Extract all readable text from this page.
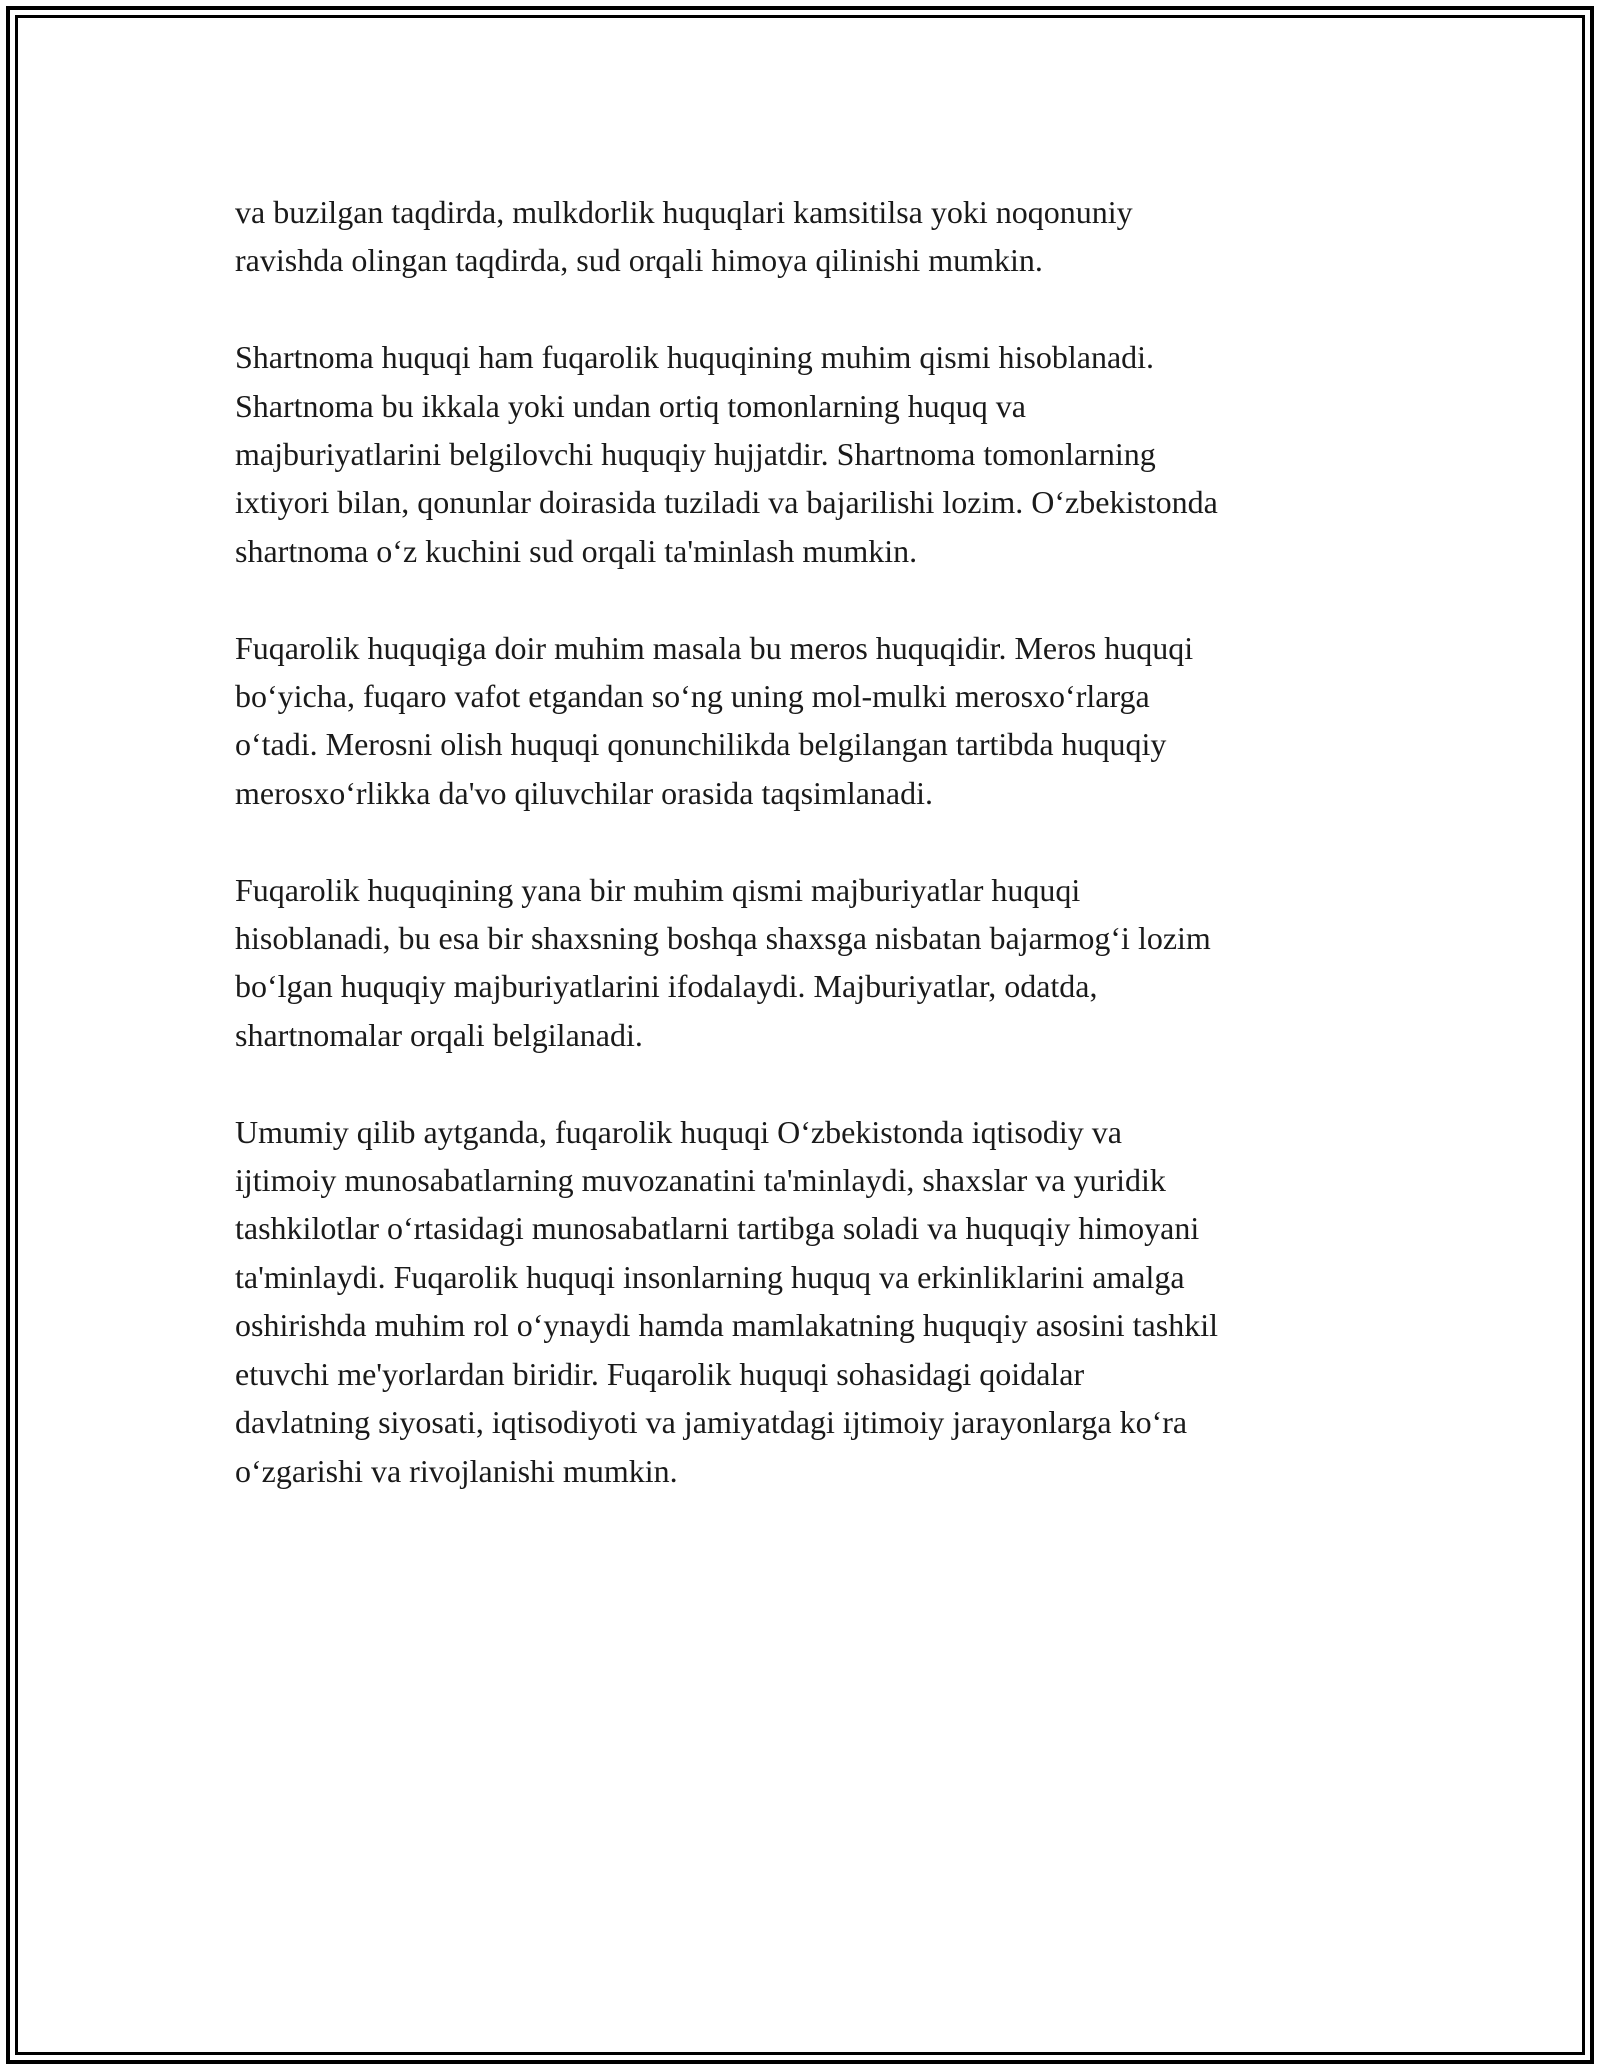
va buzilgan taqdirda, mulkdorlik huquqlari kamsitilsa yoki noqonuniy
ravishda olingan taqdirda, sud orqali himoya qilinishi mumkin.

Shartnoma huquqi ham fuqarolik huquqining muhim qismi hisoblanadi.
Shartnoma bu ikkala yoki undan ortiq tomonlarning huquq va
majburiyatlarini belgilovchi huquqiy hujjatdir. Shartnoma tomonlarning
ixtiyori bilan, qonunlar doirasida tuziladi va bajarilishi lozim. O‘zbekistonda
shartnoma o‘z kuchini sud orqali ta'minlash mumkin.

Fuqarolik huquqiga doir muhim masala bu meros huquqidir. Meros huquqi
bo‘yicha, fuqaro vafot etgandan so‘ng uning mol-mulki merosxo‘rlarga
o‘tadi. Merosni olish huquqi qonunchilikda belgilangan tartibda huquqiy
merosxo‘rlikka da'vo qiluvchilar orasida taqsimlanadi.

Fuqarolik huquqining yana bir muhim qismi majburiyatlar huquqi
hisoblanadi, bu esa bir shaxsning boshqa shaxsga nisbatan bajarmog‘i lozim
bo‘lgan huquqiy majburiyatlarini ifodalaydi. Majburiyatlar, odatda,
shartnomalar orqali belgilanadi.

Umumiy qilib aytganda, fuqarolik huquqi O‘zbekistonda iqtisodiy va
ijtimoiy munosabatlarning muvozanatini ta'minlaydi, shaxslar va yuridik
tashkilotlar o‘rtasidagi munosabatlarni tartibga soladi va huquqiy himoyani
ta'minlaydi. Fuqarolik huquqi insonlarning huquq va erkinliklarini amalga
oshirishda muhim rol o‘ynaydi hamda mamlakatning huquqiy asosini tashkil
etuvchi me'yorlardan biridir. Fuqarolik huquqi sohasidagi qoidalar
davlatning siyosati, iqtisodiyoti va jamiyatdagi ijtimoiy jarayonlarga ko‘ra
o‘zgarishi va rivojlanishi mumkin.
